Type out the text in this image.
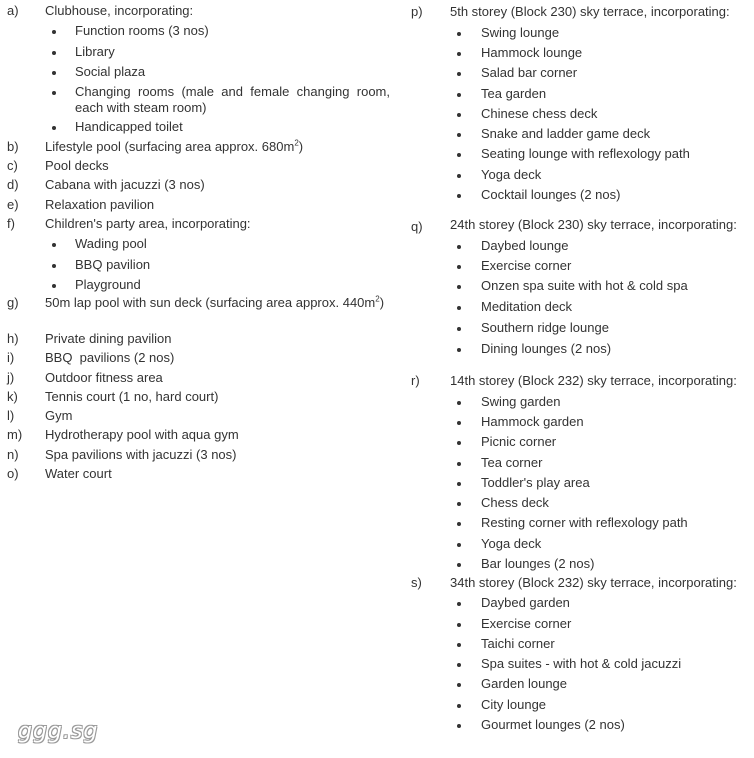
a) Clubhouse, incorporating:
Function rooms (3 nos)
Library
Social plaza
Changing rooms (male and female changing room, each with steam room)
Handicapped toilet
b) Lifestyle pool (surfacing area approx. $680m^2$)
c) Pool decks
d) Cabana with jacuzzi (3 nos)
e) Relaxation pavilion
f) Children's party area, incorporating:
Wading pool
BBQ pavilion
Playground
g) 50m lap pool with sun deck (surfacing area approx. $440m^2$)
h) Private dining pavilion
i) BBQ  pavilions (2 nos)
j) Outdoor fitness area
k) Tennis court (1 no, hard court)
l) Gym
m) Hydrotherapy pool with aqua gym
n) Spa pavilions with jacuzzi (3 nos)
o) Water court
p) 5th storey (Block 230) sky terrace, incorporating:
Swing lounge
Hammock lounge
Salad bar corner
Tea garden
Chinese chess deck
Snake and ladder game deck
Seating lounge with reflexology path
Yoga deck
Cocktail lounges (2 nos)
q) 24th storey (Block 230) sky terrace, incorporating:
Daybed lounge
Exercise corner
Onzen spa suite with hot & cold spa
Meditation deck
Southern ridge lounge
Dining lounges (2 nos)
r) 14th storey (Block 232) sky terrace, incorporating:
Swing garden
Hammock garden
Picnic corner
Tea corner
Toddler's play area
Chess deck
Resting corner with reflexology path
Yoga deck
Bar lounges (2 nos)
s) 34th storey (Block 232) sky terrace, incorporating:
Daybed garden
Exercise corner
Taichi corner
Spa suites - with hot & cold jacuzzi
Garden lounge
City lounge
Gourmet lounges (2 nos)
ggg.sg
